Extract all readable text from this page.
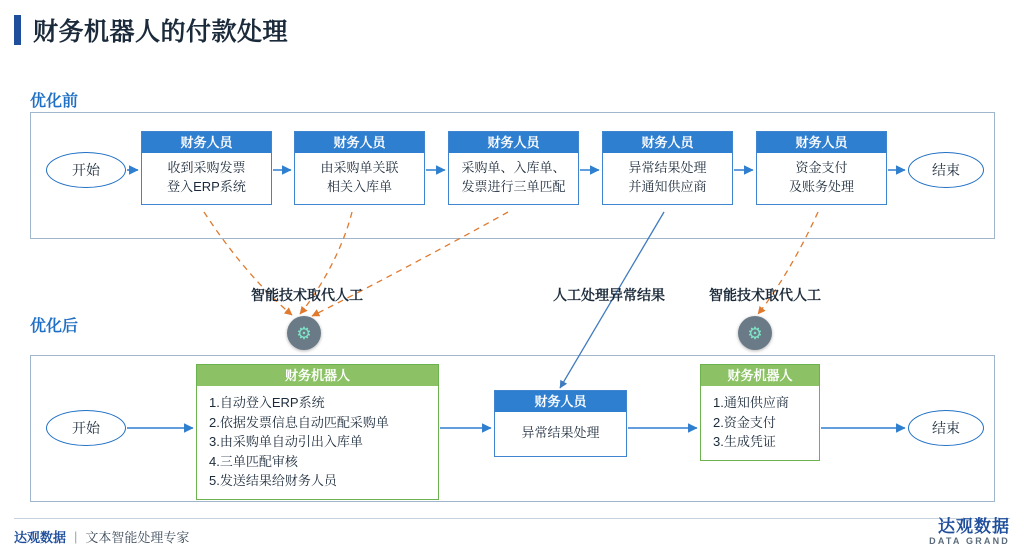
财务机器人的付款处理
优化前
优化后
开始	结束
财务人员
收到采购发票
登入ERP系统
财务人员
由采购单关联
相关入库单
财务人员
采购单、入库单、
发票进行三单匹配
财务人员
异常结果处理
并通知供应商
财务人员
资金支付
及账务处理
智能技术取代人工	人工处理异常结果	智能技术取代人工
⚙	⚙
开始	结束
财务机器人
1.自动登入ERP系统
2.依据发票信息自动匹配采购单
3.由采购单自动引出入库单
4.三单匹配审核
5.发送结果给财务人员
财务人员
异常结果处理
财务机器人
1.通知供应商
2.资金支付
3.生成凭证
达观数据 | 文本智能处理专家
达观数据
DATA GRAND
